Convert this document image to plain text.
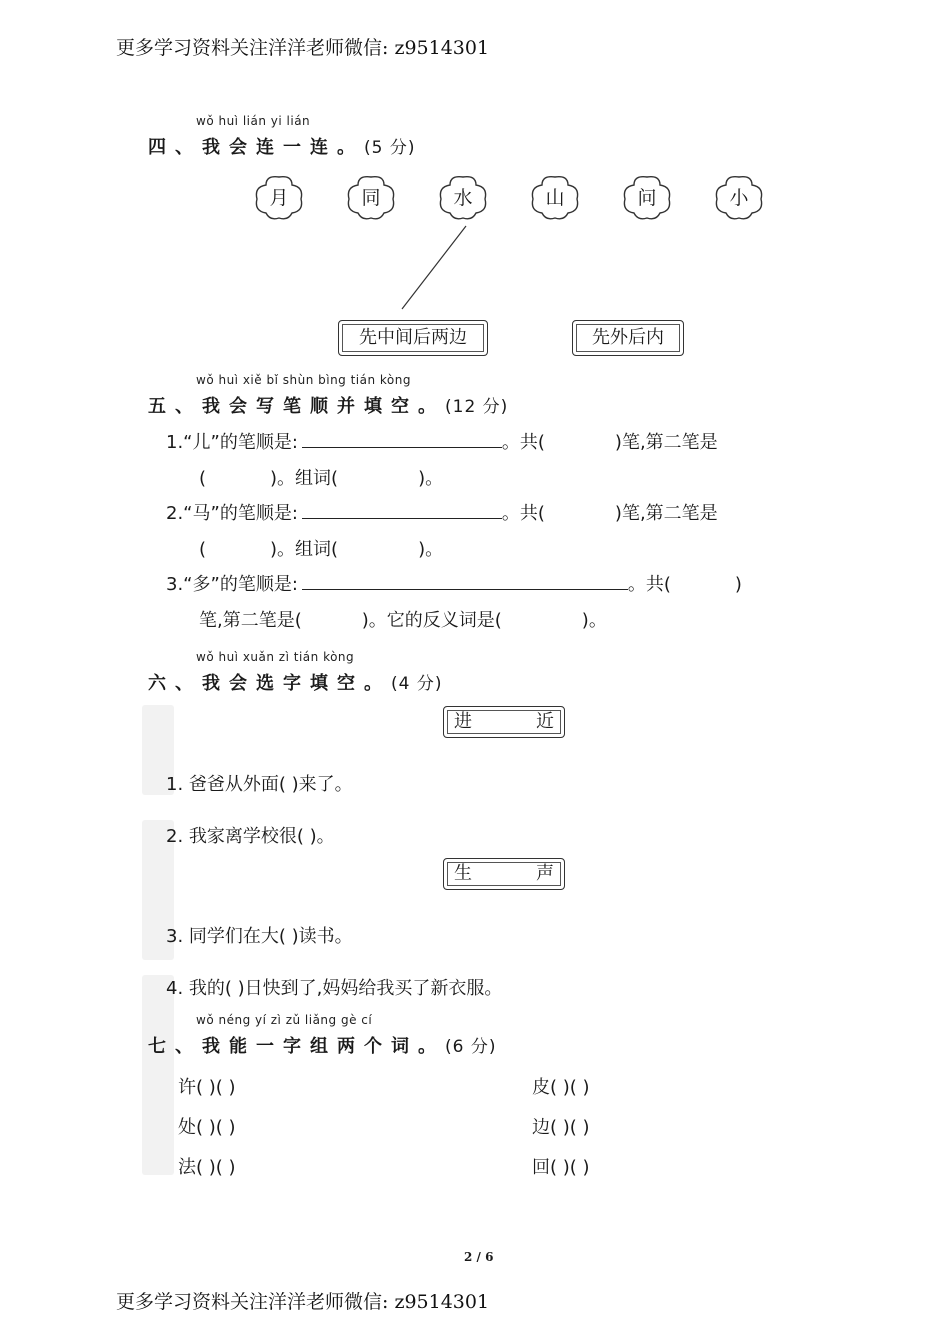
更多学习资料关注洋洋老师微信: z9514301
wǒ huì lián yi lián
四、我会连一连。(5 分)
月	同	水	山	问	小
先中间后两边	先外后内
wǒ huì xiě bǐ shùn bìng tián kòng
五、我会写笔顺并填空。(12 分)
1.“儿”的笔顺是:	。共(	)笔,第二笔是
(	)。组词(	)。
2.“马”的笔顺是:	。共(	)笔,第二笔是
(	)。组词(	)。
3.“多”的笔顺是:	。共(	)
笔,第二笔是(	)。它的反义词是(	)。
wǒ huì xuǎn zì tián kòng
六、我会选字填空。(4 分)
进	近
1. 爸爸从外面( )来了。
2. 我家离学校很( )。
生	声
3. 同学们在大( )读书。
4. 我的( )日快到了,妈妈给我买了新衣服。
wǒ néng yí zì zǔ liǎng gè cí
七、我能一字组两个词。(6 分)
许( )( )	皮( )( )
处( )( )	边( )( )
法( )( )	回( )( )
2 / 6
更多学习资料关注洋洋老师微信: z9514301
